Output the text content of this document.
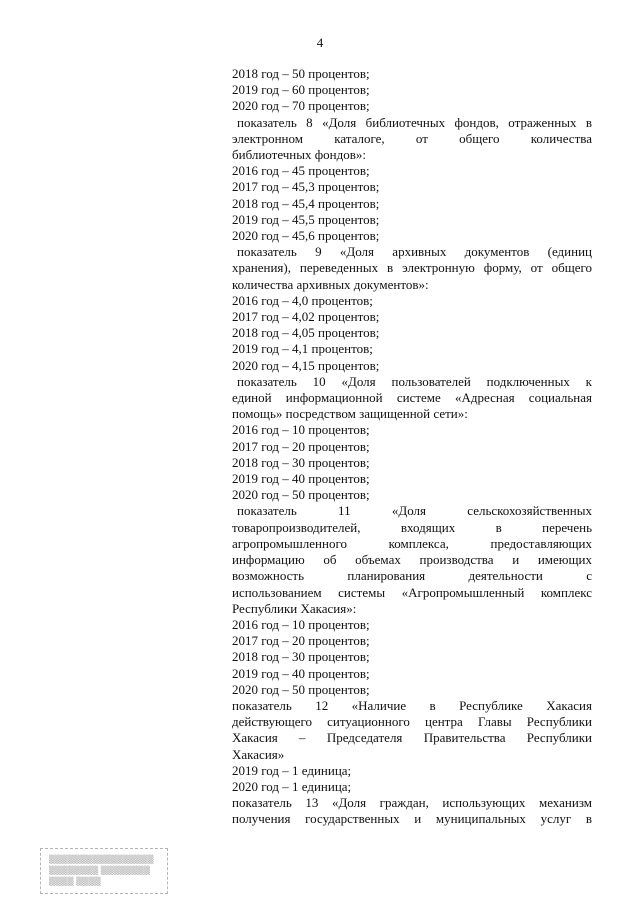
4
2018 год – 50 процентов;
2019 год – 60 процентов;
2020 год – 70 процентов;
показатель 8 «Доля библиотечных фондов, отраженных в
электронном каталоге, от общего количества
библиотечных фондов»:
2016 год – 45 процентов;
2017 год – 45,3 процентов;
2018 год – 45,4 процентов;
2019 год – 45,5 процентов;
2020 год – 45,6 процентов;
показатель 9 «Доля архивных документов (единиц
хранения), переведенных в электронную форму, от общего
количества архивных документов»:
2016 год – 4,0 процентов;
2017 год – 4,02 процентов;
2018 год – 4,05 процентов;
2019 год – 4,1 процентов;
2020 год – 4,15 процентов;
показатель 10 «Доля пользователей подключенных к
единой информационной системе «Адресная социальная
помощь» посредством защищенной сети»:
2016 год – 10 процентов;
2017 год – 20 процентов;
2018 год – 30 процентов;
2019 год – 40 процентов;
2020 год – 50 процентов;
показатель 11 «Доля сельскохозяйственных
товаропроизводителей, входящих в перечень
агропромышленного комплекса, предоставляющих
информацию об объемах производства и имеющих
возможность планирования деятельности с
использованием системы «Агропромышленный комплекс
Республики Хакасия»:
2016 год – 10 процентов;
2017 год – 20 процентов;
2018 год – 30 процентов;
2019 год – 40 процентов;
2020 год – 50 процентов;
показатель 12 «Наличие в Республике Хакасия
действующего ситуационного центра Главы Республики
Хакасия – Председателя Правительства Республики
Хакасия»
2019 год – 1 единица;
2020 год – 1 единица;
показатель 13 «Доля граждан, использующих механизм
получения государственных и муниципальных услуг в
▒▒▒▒▒▒▒▒▒▒▒▒▒▒▒▒▒
▒▒▒▒▒▒▒▒ ▒▒▒▒▒▒▒▒
▒▒▒▒ ▒▒▒▒
